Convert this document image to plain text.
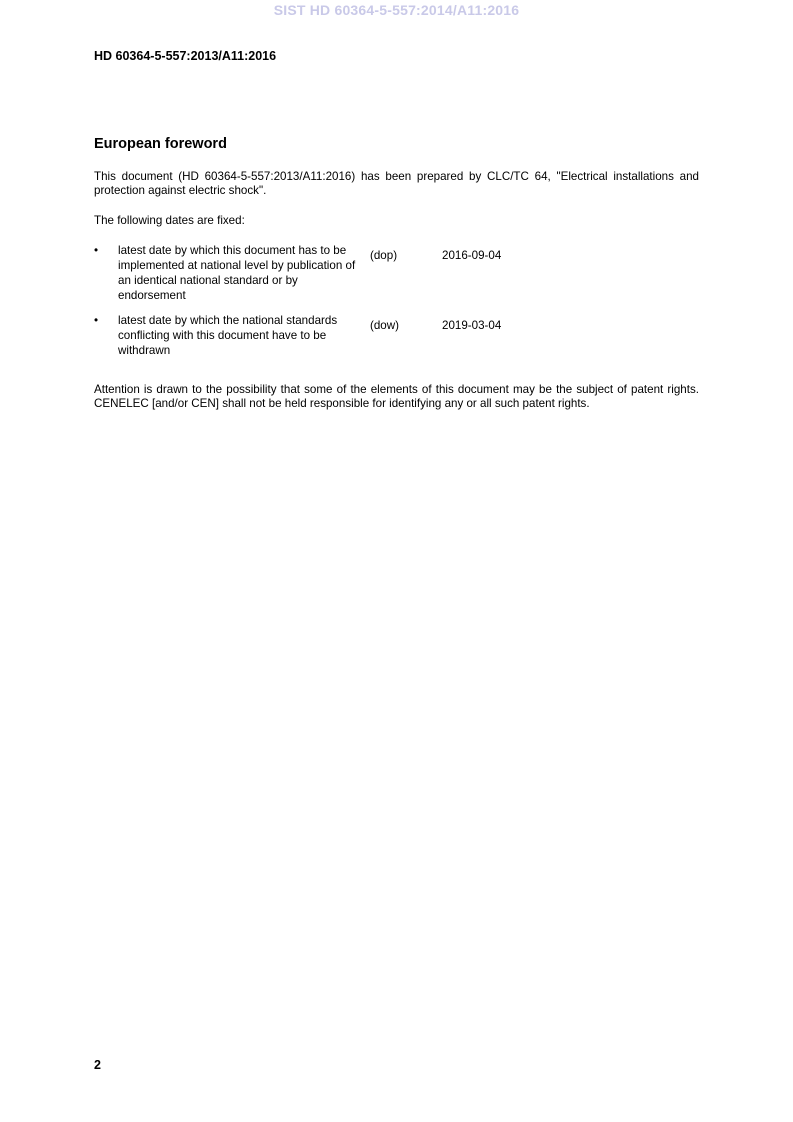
SIST HD 60364-5-557:2014/A11:2016
HD 60364-5-557:2013/A11:2016
European foreword
This document (HD 60364-5-557:2013/A11:2016) has been prepared by CLC/TC 64, "Electrical installations and protection against electric shock".
The following dates are fixed:
• latest date by which this document has to be implemented at national level by publication of an identical national standard or by endorsement
(dop)	2016-09-04
• latest date by which the national standards conflicting with this document have to be withdrawn
(dow)	2019-03-04
Attention is drawn to the possibility that some of the elements of this document may be the subject of patent rights. CENELEC [and/or CEN] shall not be held responsible for identifying any or all such patent rights.
2
